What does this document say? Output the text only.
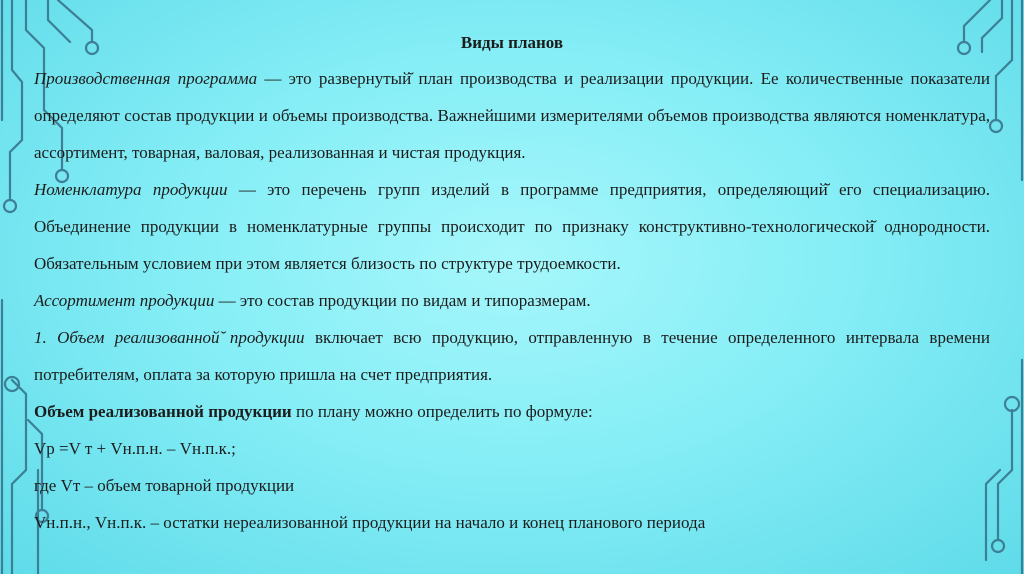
Виды планов

Производственная программа — это развернутый̆ план производства и реализации продукции. Ее количественные показатели определяют состав продукции и объемы производства. Важнейшими измерителями объемов производства являются номенклатура, ассортимент, товарная, валовая, реализованная и чистая продукция.

Номенклатура продукции — это перечень групп изделий в программе предприятия, определяющий̆ его специализацию. Объединение продукции в номенклатурные группы происходит по признаку конструктивно-технологической̆ однородности. Обязательным условием при этом является близость по структуре трудоемкости.

Ассортимент продукции — это состав продукции по видам и типоразмерам.

1. Объем реализованной̆ продукции включает всю продукцию, отправленную в течение определенного интервала времени потребителям, оплата за которую пришла на счет предприятия.

Объем реализованной продукции по плану можно определить по формуле:

Vр =V т + Vн.п.н. – Vн.п.к.;

где Vт – объем товарной продукции

Vн.п.н., Vн.п.к. – остатки нереализованной продукции на начало и конец планового периода
